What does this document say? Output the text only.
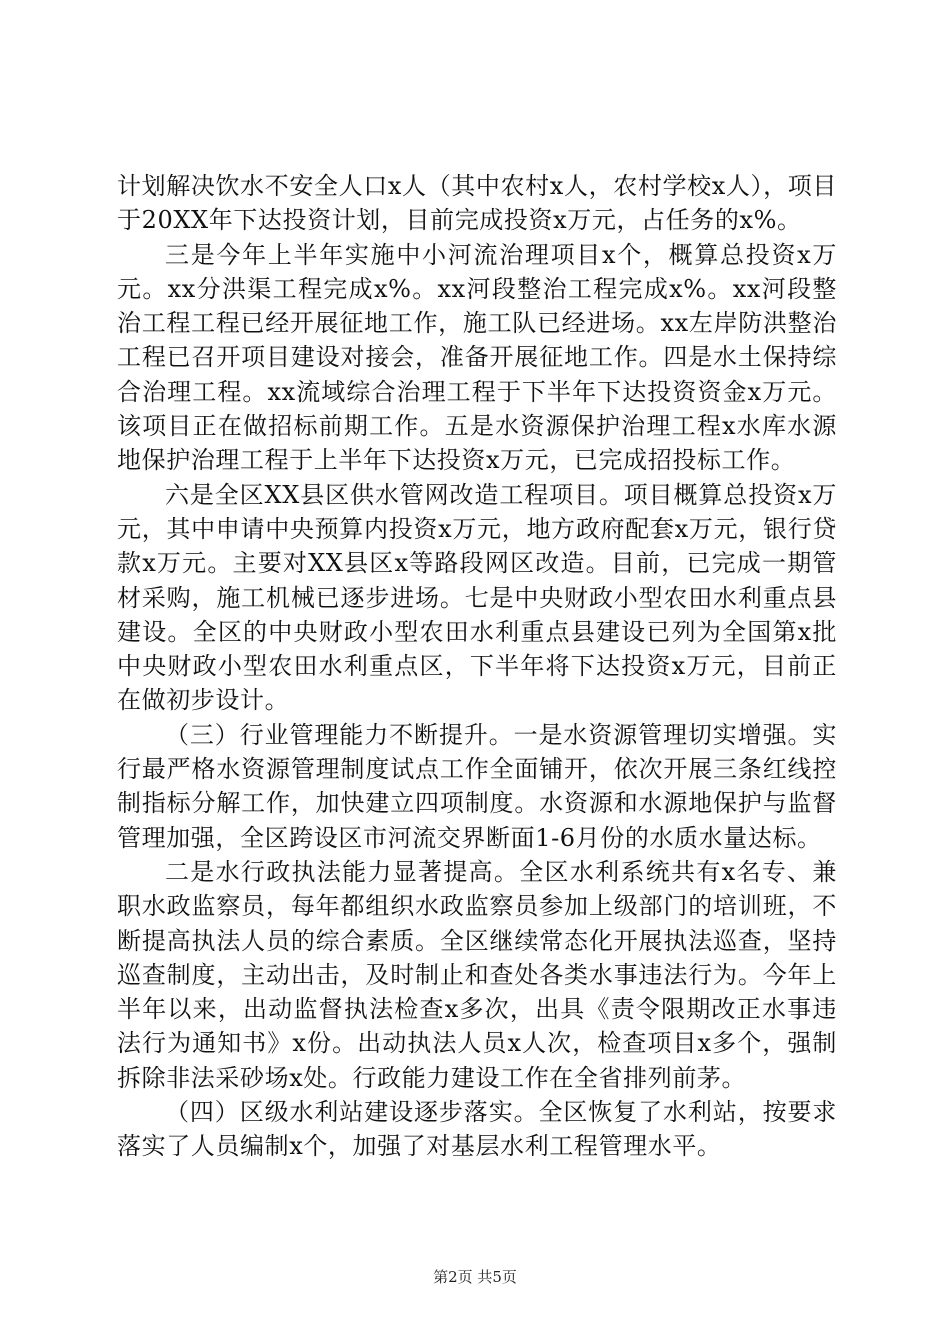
计划解决饮水不安全人口x人（其中农村x人，农村学校x人），项目于20XX年下达投资计划，目前完成投资x万元，占任务的x%。

三是今年上半年实施中小河流治理项目x个，概算总投资x万元。xx分洪渠工程完成x%。xx河段整治工程完成x%。xx河段整治工程工程已经开展征地工作，施工队已经进场。xx左岸防洪整治工程已召开项目建设对接会，准备开展征地工作。四是水土保持综合治理工程。xx流域综合治理工程于下半年下达投资资金x万元。该项目正在做招标前期工作。五是水资源保护治理工程x水库水源地保护治理工程于上半年下达投资x万元，已完成招投标工作。

六是全区XX县区供水管网改造工程项目。项目概算总投资x万元，其中申请中央预算内投资x万元，地方政府配套x万元，银行贷款x万元。主要对XX县区x等路段网区改造。目前，已完成一期管材采购，施工机械已逐步进场。七是中央财政小型农田水利重点县建设。全区的中央财政小型农田水利重点县建设已列为全国第x批中央财政小型农田水利重点区，下半年将下达投资x万元，目前正在做初步设计。

（三）行业管理能力不断提升。一是水资源管理切实增强。实行最严格水资源管理制度试点工作全面铺开，依次开展三条红线控制指标分解工作，加快建立四项制度。水资源和水源地保护与监督管理加强，全区跨设区市河流交界断面1-6月份的水质水量达标。

二是水行政执法能力显著提高。全区水利系统共有x名专、兼职水政监察员，每年都组织水政监察员参加上级部门的培训班，不断提高执法人员的综合素质。全区继续常态化开展执法巡查，坚持巡查制度，主动出击，及时制止和查处各类水事违法行为。今年上半年以来，出动监督执法检查x多次，出具《责令限期改正水事违法行为通知书》x份。出动执法人员x人次，检查项目x多个，强制拆除非法采砂场x处。行政能力建设工作在全省排列前茅。

（四）区级水利站建设逐步落实。全区恢复了水利站，按要求落实了人员编制x个，加强了对基层水利工程管理水平。

第2页 共5页
